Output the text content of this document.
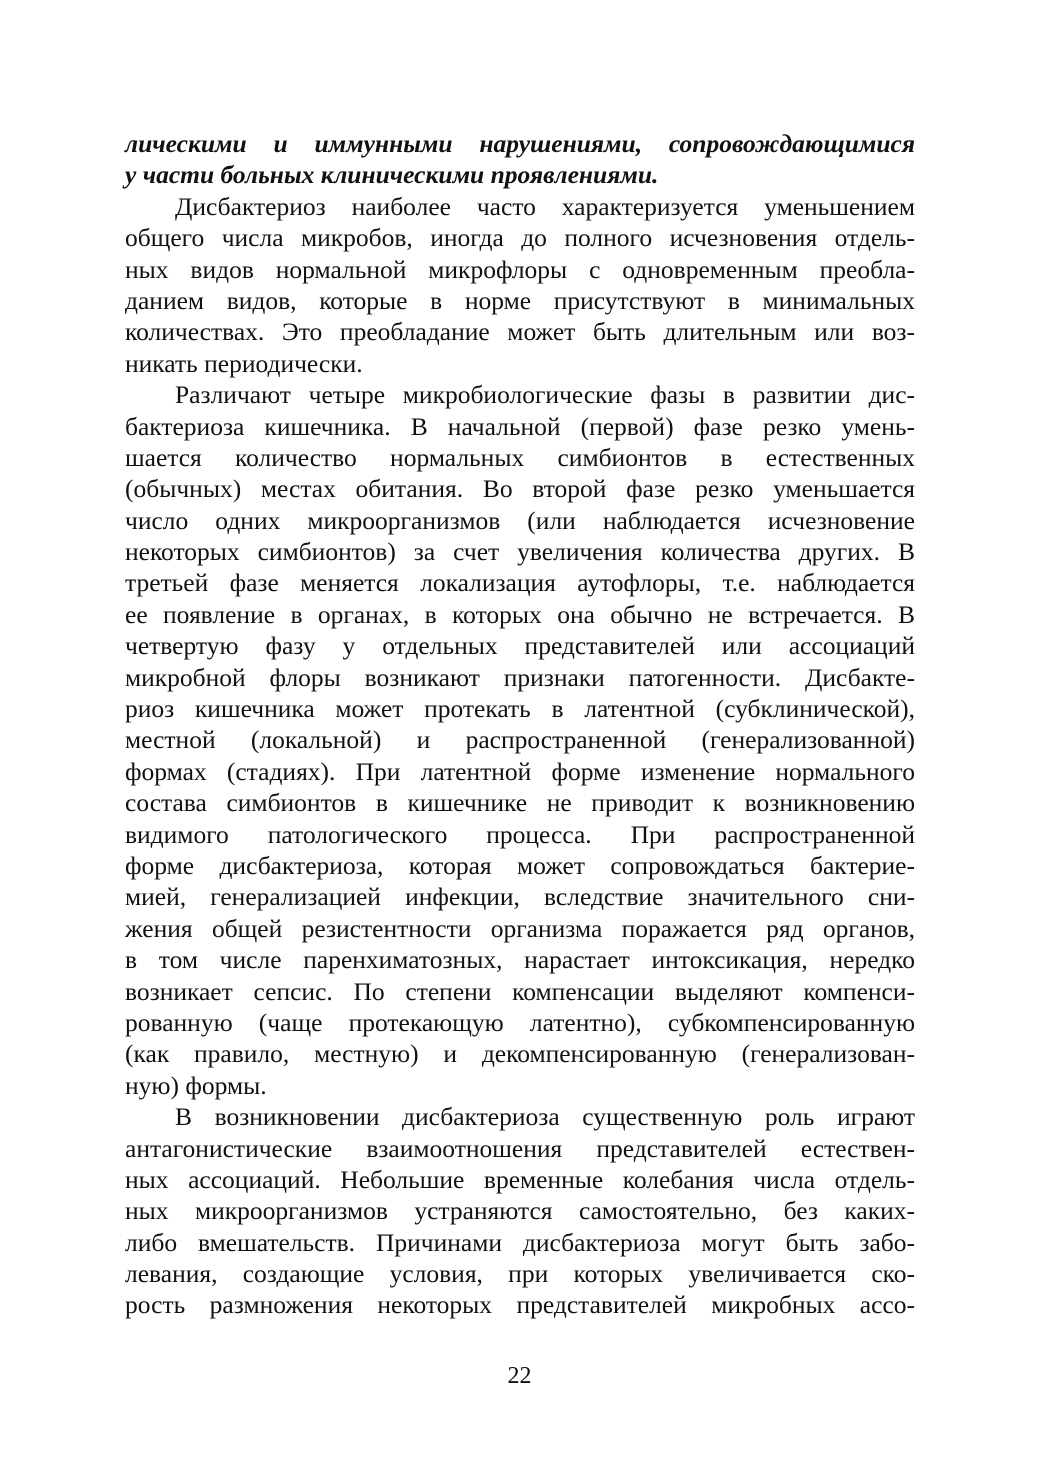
лическими и иммунными нарушениями, сопровождающимися
у части больных клиническими проявлениями.
Дисбактериоз наиболее часто характеризуется уменьшением
общего числа микробов, иногда до полного исчезновения отдель-
ных видов нормальной микрофлоры с одновременным преобла-
данием видов, которые в норме присутствуют в минимальных
количествах. Это преобладание может быть длительным или воз-
никать периодически.
Различают четыре микробиологические фазы в развитии дис-
бактериоза кишечника. В начальной (первой) фазе резко умень-
шается количество нормальных симбионтов в естественных
(обычных) местах обитания. Во второй фазе резко уменьшается
число одних микроорганизмов (или наблюдается исчезновение
некоторых симбионтов) за счет увеличения количества других. В
третьей фазе меняется локализация аутофлоры, т.е. наблюдается
ее появление в органах, в которых она обычно не встречается. В
четвертую фазу у отдельных представителей или ассоциаций
микробной флоры возникают признаки патогенности. Дисбакте-
риоз кишечника может протекать в латентной (субклинической),
местной (локальной) и распространенной (генерализованной)
формах (стадиях). При латентной форме изменение нормального
состава симбионтов в кишечнике не приводит к возникновению
видимого патологического процесса. При распространенной
форме дисбактериоза, которая может сопровождаться бактерие-
мией, генерализацией инфекции, вследствие значительного сни-
жения общей резистентности организма поражается ряд органов,
в том числе паренхиматозных, нарастает интоксикация, нередко
возникает сепсис. По степени компенсации выделяют компенси-
рованную (чаще протекающую латентно), субкомпенсированную
(как правило, местную) и декомпенсированную (генерализован-
ную) формы.
В возникновении дисбактериоза существенную роль играют
антагонистические взаимоотношения представителей естествен-
ных ассоциаций. Небольшие временные колебания числа отдель-
ных микроорганизмов устраняются самостоятельно, без каких-
либо вмешательств. Причинами дисбактериоза могут быть забо-
левания, создающие условия, при которых увеличивается ско-
рость размножения некоторых представителей микробных ассо-
22
